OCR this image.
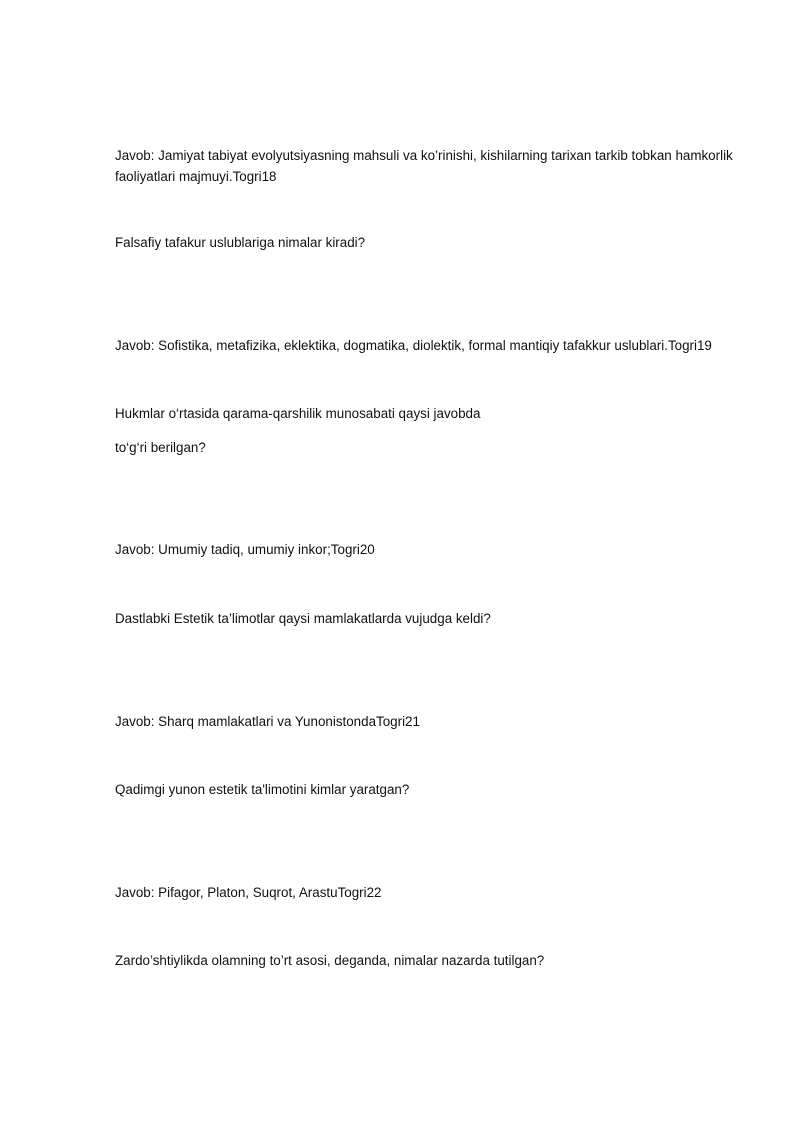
Javob: Jamiyat tabiyat evolyutsiyasning mahsuli va ko’rinishi, kishilarning tarixan tarkib tobkan hamkorlik faoliyatlari majmuyi.Togri18

Falsafiy tafakur uslublariga nimalar kiradi?

Javob: Sofistika, metafizika, eklektika, dogmatika, diolektik, formal mantiqiy tafakkur uslublari.Togri19

Hukmlar o‘rtasida qarama-qarshilik munosabati qaysi javobda

to‘g‘ri berilgan?

Javob: Umumiy tadiq, umumiy inkor;Togri20

Dastlabki Estetik ta’limotlar qaysi mamlakatlarda vujudga keldi?

Javob: Sharq mamlakatlari va YunonistondaTogri21

Qadimgi yunon estetik ta'limotini kimlar yaratgan?

Javob: Pifagor, Platon, Suqrot, ArastuTogri22

Zardo’shtiylikda olamning to’rt asosi, deganda, nimalar nazarda tutilgan?
